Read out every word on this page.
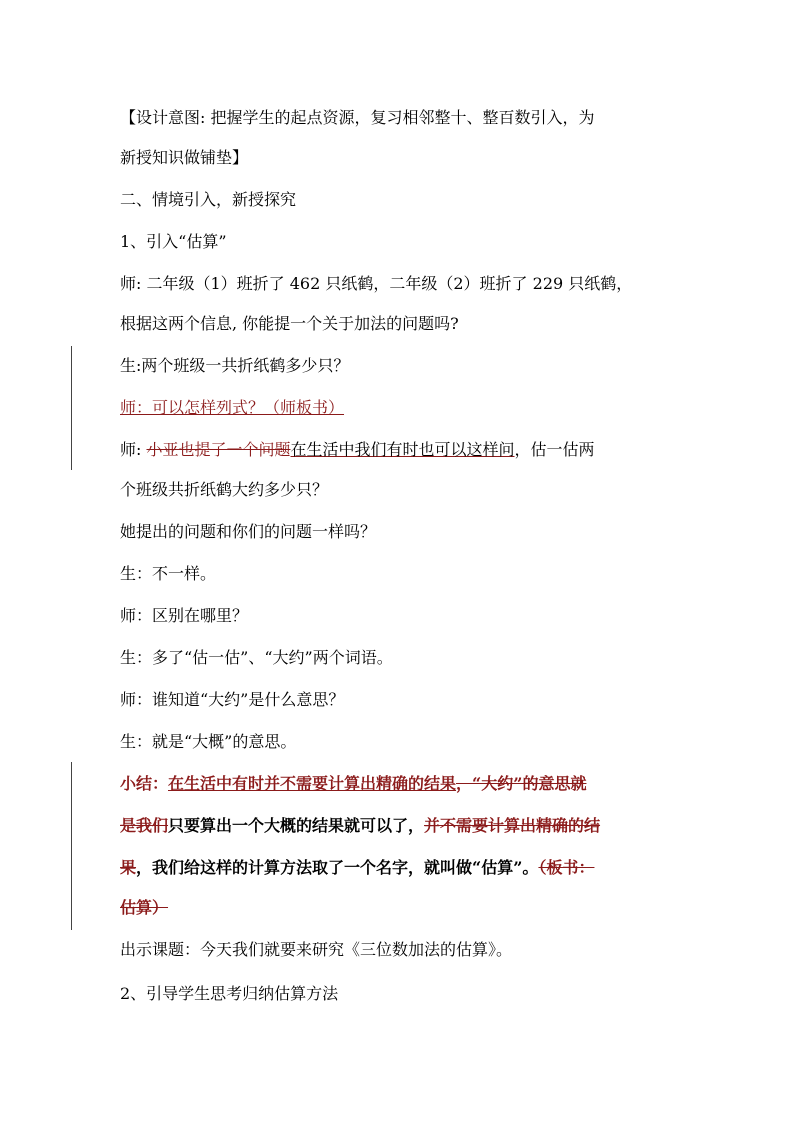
【设计意图: 把握学生的起点资源，复习相邻整十、整百数引入，为
新授知识做铺垫】
二、情境引入，新授探究
1、引入“估算”
师: 二年级（1）班折了 462 只纸鹤，二年级（2）班折了 229 只纸鹤，
根据这两个信息, 你能提一个关于加法的问题吗?
生:两个班级一共折纸鹤多少只？
师：可以怎样列式？（师板书）
师: 小亚也提了一个问题在生活中我们有时也可以这样问，估一估两
个班级共折纸鹤大约多少只？
她提出的问题和你们的问题一样吗？
生：不一样。
师：区别在哪里？
生：多了“估一估”、“大约”两个词语。
师：谁知道“大约”是什么意思？
生：就是“大概”的意思。
小结：在生活中有时并不需要计算出精确的结果，“大约”的意思就
是我们只要算出一个大概的结果就可以了，并不需要计算出精确的结
果，我们给这样的计算方法取了一个名字，就叫做“估算”。（板书：
估算）
出示课题：今天我们就要来研究《三位数加法的估算》。
2、引导学生思考归纳估算方法
